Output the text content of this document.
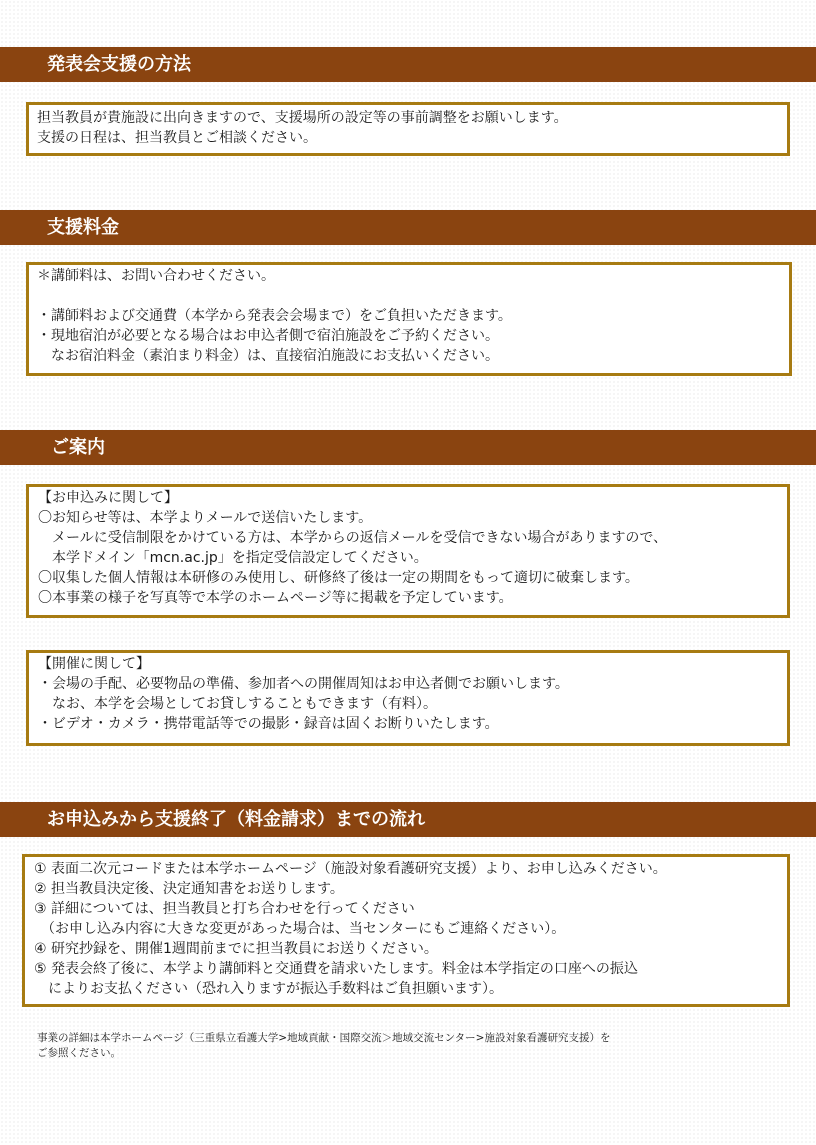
発表会支援の方法
担当教員が貴施設に出向きますので、支援場所の設定等の事前調整をお願いします。
支援の日程は、担当教員とご相談ください。
支援料金
＊講師料は、お問い合わせください。
・講師料および交通費（本学から発表会会場まで）をご負担いただきます。
・現地宿泊が必要となる場合はお申込者側で宿泊施設をご予約ください。
　なお宿泊料金（素泊まり料金）は、直接宿泊施設にお支払いください。
ご案内
【お申込みに関して】
〇お知らせ等は、本学よりメールで送信いたします。
　メールに受信制限をかけている方は、本学からの返信メールを受信できない場合がありますので、
　本学ドメイン「mcn.ac.jp」を指定受信設定してください。
〇収集した個人情報は本研修のみ使用し、研修終了後は一定の期間をもって適切に破棄します。
〇本事業の様子を写真等で本学のホームページ等に掲載を予定しています。
【開催に関して】
・会場の手配、必要物品の準備、参加者への開催周知はお申込者側でお願いします。
　なお、本学を会場としてお貸しすることもできます（有料）。
・ビデオ・カメラ・携帯電話等での撮影・録音は固くお断りいたします。
お申込みから支援終了（料金請求）までの流れ
① 表面二次元コードまたは本学ホームページ（施設対象看護研究支援）より、お申し込みください。
② 担当教員決定後、決定通知書をお送りします。
③ 詳細については、担当教員と打ち合わせを行ってください
　（お申し込み内容に大きな変更があった場合は、当センターにもご連絡ください）。
④ 研究抄録を、開催1週間前までに担当教員にお送りください。
⑤ 発表会終了後に、本学より講師料と交通費を請求いたします。料金は本学指定の口座への振込
　によりお支払ください（恐れ入りますが振込手数料はご負担願います）。
事業の詳細は本学ホームページ（三重県立看護大学>地域貢献・国際交流＞地域交流センター>施設対象看護研究支援）を
ご参照ください。
